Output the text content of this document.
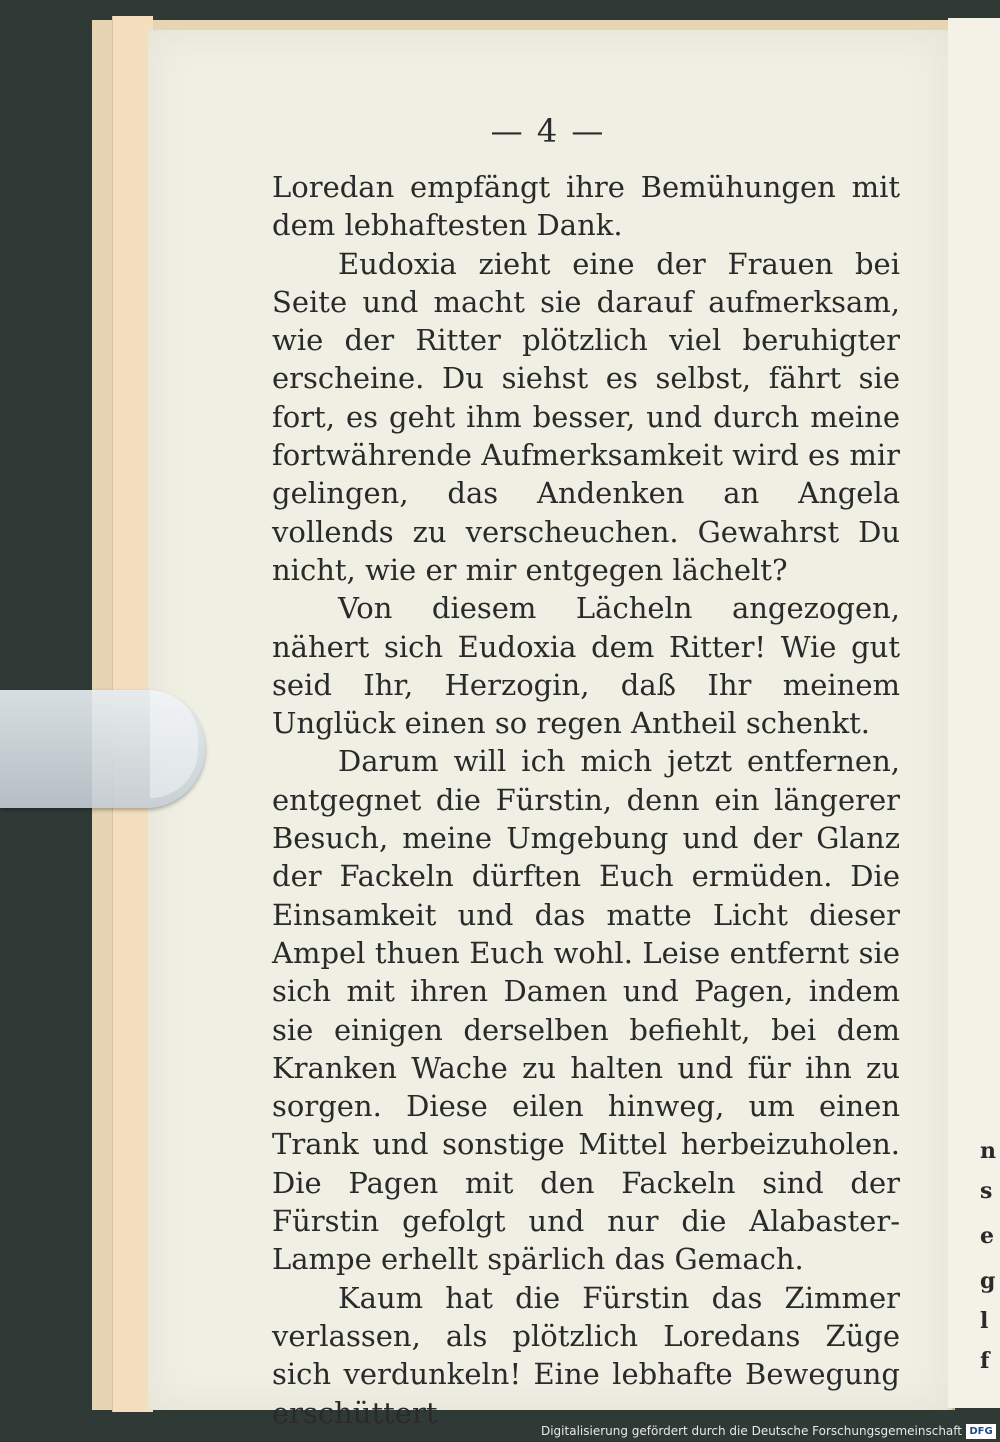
n
s
e
g
l
f
— 4 —

Loredan empfängt ihre Bemühungen mit dem lebhaftesten Dank.

Eudoxia zieht eine der Frauen bei Seite und macht sie darauf aufmerksam, wie der Ritter plötzlich viel beruhigter erscheine. Du siehst es selbst, fährt sie fort, es geht ihm besser, und durch meine fortwährende Aufmerksamkeit wird es mir gelingen, das Andenken an Angela vollends zu verscheuchen. Gewahrst Du nicht, wie er mir entgegen lächelt?

Von diesem Lächeln angezogen, nähert sich Eudoxia dem Ritter! Wie gut seid Ihr, Herzogin, daß Ihr meinem Unglück einen so regen Antheil schenkt.

Darum will ich mich jetzt entfernen, entgegnet die Fürstin, denn ein längerer Besuch, meine Umgebung und der Glanz der Fackeln dürften Euch ermüden. Die Einsamkeit und das matte Licht dieser Ampel thuen Euch wohl. Leise entfernt sie sich mit ihren Damen und Pagen, indem sie einigen derselben befiehlt, bei dem Kranken Wache zu halten und für ihn zu sorgen. Diese eilen hinweg, um einen Trank und sonstige Mittel herbeizuholen. Die Pagen mit den Fackeln sind der Fürstin gefolgt und nur die Alabaster-Lampe erhellt spärlich das Gemach.

Kaum hat die Fürstin das Zimmer verlassen, als plötzlich Loredans Züge sich verdunkeln! Eine lebhafte Bewegung erschüttert

Digitalisierung gefördert durch die Deutsche Forschungsgemeinschaft DFG
